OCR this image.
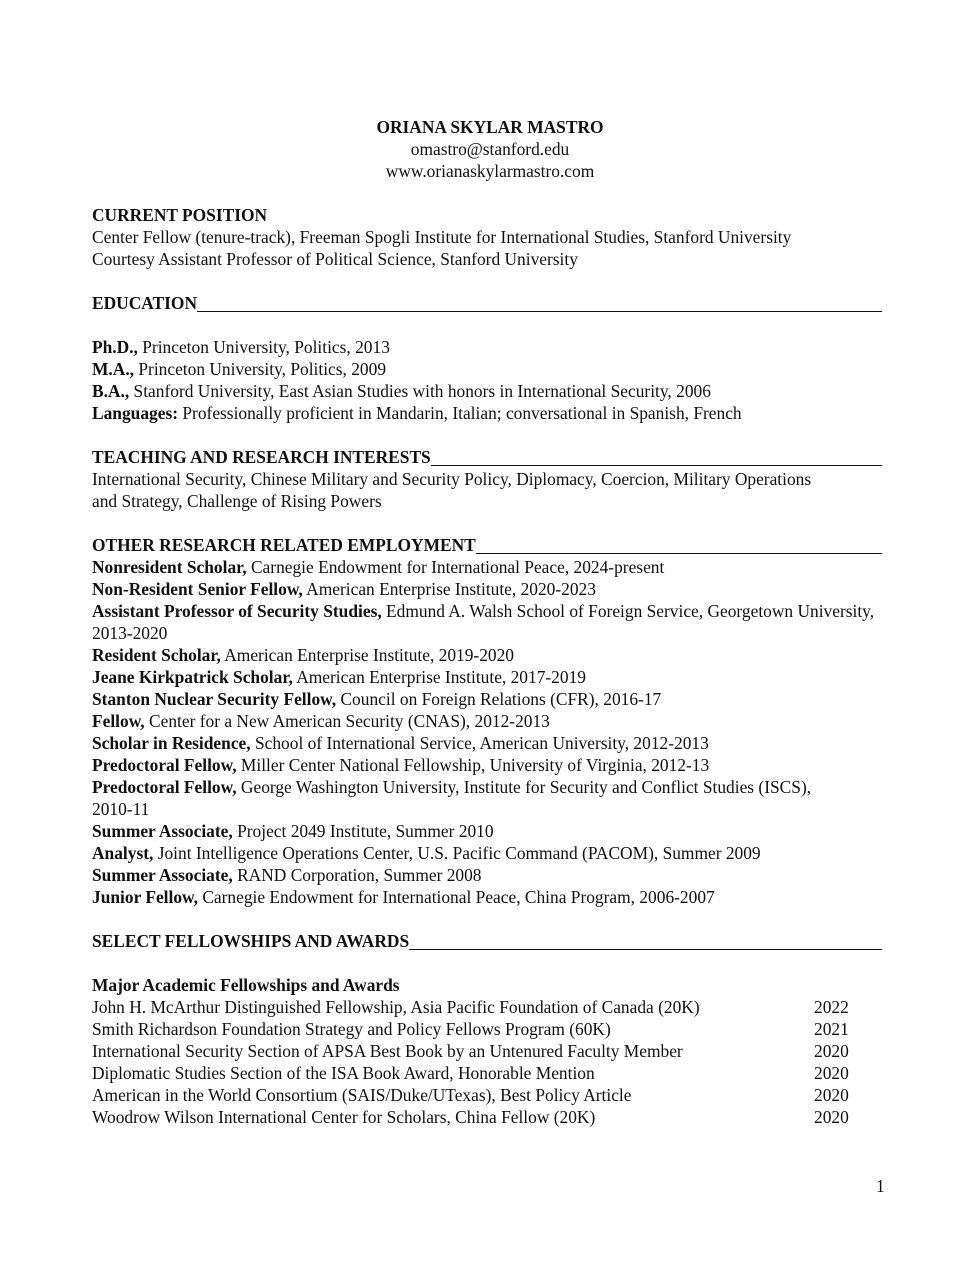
ORIANA SKYLAR MASTRO
omastro@stanford.edu
www.orianaskylarmastro.com
CURRENT POSITION
Center Fellow (tenure-track), Freeman Spogli Institute for International Studies, Stanford University
Courtesy Assistant Professor of Political Science, Stanford University
EDUCATION
Ph.D., Princeton University, Politics, 2013
M.A., Princeton University, Politics, 2009
B.A., Stanford University, East Asian Studies with honors in International Security, 2006
Languages: Professionally proficient in Mandarin, Italian; conversational in Spanish, French
TEACHING AND RESEARCH INTERESTS
International Security, Chinese Military and Security Policy, Diplomacy, Coercion, Military Operations and Strategy, Challenge of Rising Powers
OTHER RESEARCH RELATED EMPLOYMENT
Nonresident Scholar, Carnegie Endowment for International Peace, 2024-present
Non-Resident Senior Fellow, American Enterprise Institute, 2020-2023
Assistant Professor of Security Studies, Edmund A. Walsh School of Foreign Service, Georgetown University, 2013-2020
Resident Scholar, American Enterprise Institute, 2019-2020
Jeane Kirkpatrick Scholar, American Enterprise Institute, 2017-2019
Stanton Nuclear Security Fellow, Council on Foreign Relations (CFR), 2016-17
Fellow, Center for a New American Security (CNAS), 2012-2013
Scholar in Residence, School of International Service, American University, 2012-2013
Predoctoral Fellow, Miller Center National Fellowship, University of Virginia, 2012-13
Predoctoral Fellow, George Washington University, Institute for Security and Conflict Studies (ISCS), 2010-11
Summer Associate, Project 2049 Institute, Summer 2010
Analyst, Joint Intelligence Operations Center, U.S. Pacific Command (PACOM), Summer 2009
Summer Associate, RAND Corporation, Summer 2008
Junior Fellow, Carnegie Endowment for International Peace, China Program, 2006-2007
SELECT FELLOWSHIPS AND AWARDS
Major Academic Fellowships and Awards
John H. McArthur Distinguished Fellowship, Asia Pacific Foundation of Canada (20K)	2022
Smith Richardson Foundation Strategy and Policy Fellows Program (60K)	2021
International Security Section of APSA Best Book by an Untenured Faculty Member	2020
Diplomatic Studies Section of the ISA Book Award, Honorable Mention	2020
American in the World Consortium (SAIS/Duke/UTexas), Best Policy Article	2020
Woodrow Wilson International Center for Scholars, China Fellow (20K)	2020
1
